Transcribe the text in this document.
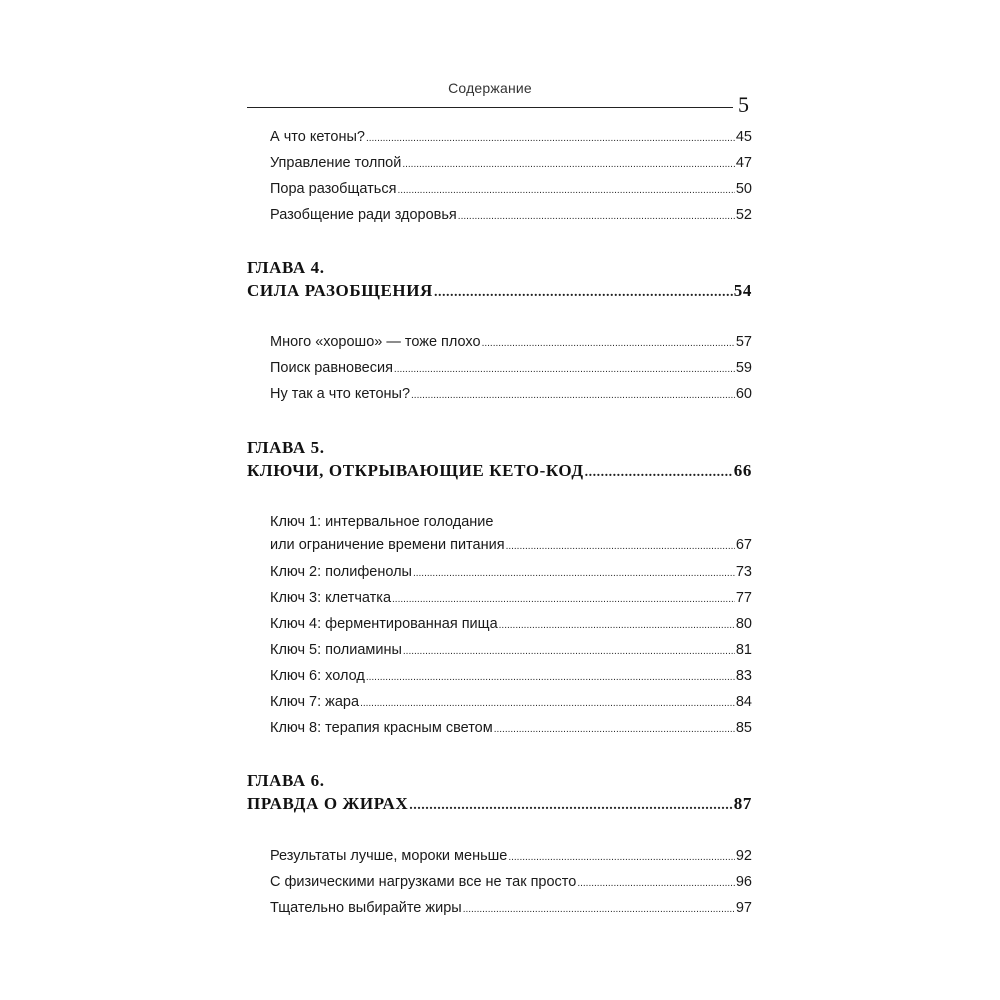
Содержание
5
А что кетоны? .....	45
Управление толпой .....	47
Пора разобщаться .....	50
Разобщение ради здоровья .....	52
ГЛАВА 4.
СИЛА РАЗОБЩЕНИЯ .....	54
Много «хорошо» — тоже плохо .....	57
Поиск равновесия .....	59
Ну так а что кетоны? .....	60
ГЛАВА 5.
КЛЮЧИ, ОТКРЫВАЮЩИЕ КЕТО-КОД .....	66
Ключ 1: интервальное голодание
или ограничение времени питания .....	67
Ключ 2: полифенолы .....	73
Ключ 3: клетчатка .....	77
Ключ 4: ферментированная пища .....	80
Ключ 5: полиамины .....	81
Ключ 6: холод .....	83
Ключ 7: жара .....	84
Ключ 8: терапия красным светом .....	85
ГЛАВА 6.
ПРАВДА О ЖИРАХ .....	87
Результаты лучше, мороки меньше .....	92
С физическими нагрузками все не так просто .....	96
Тщательно выбирайте жиры .....	97
